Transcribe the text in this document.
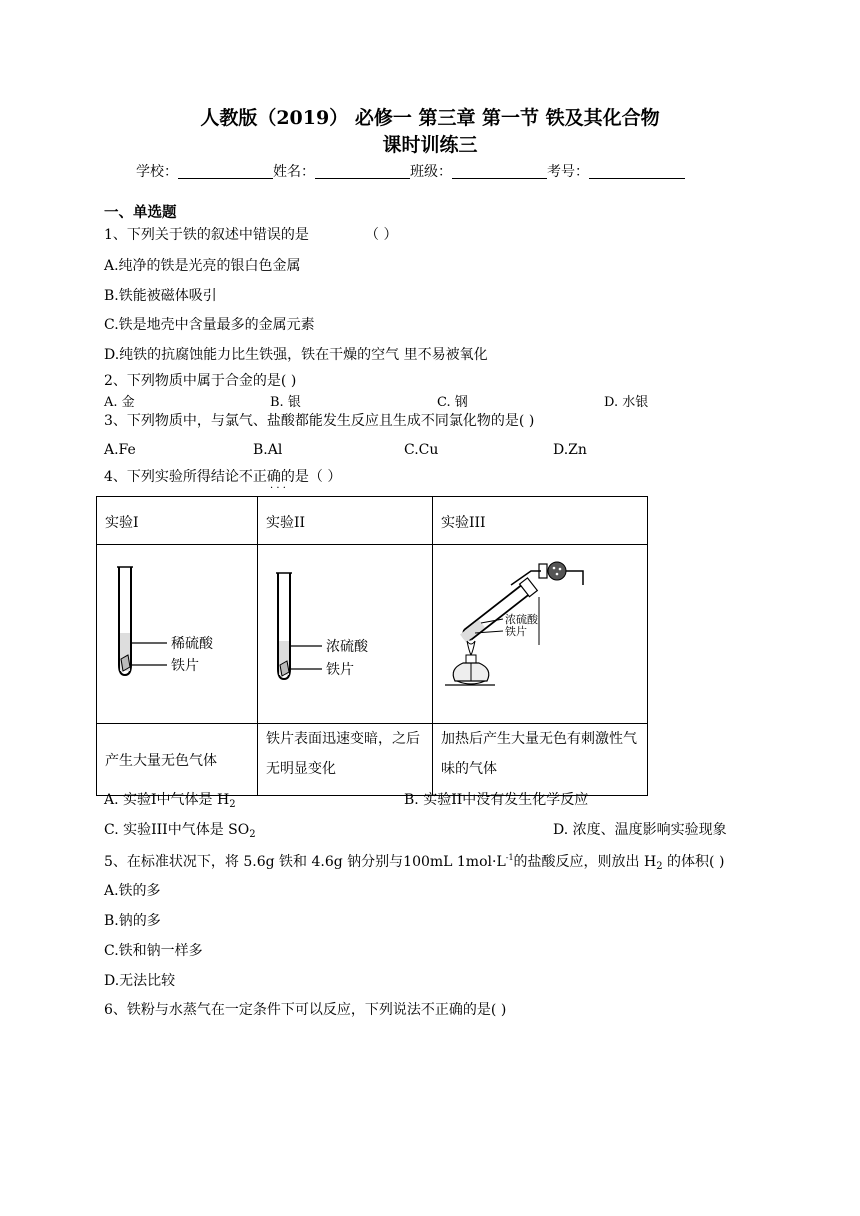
人教版（2019） 必修一 第三章 第一节 铁及其化合物
课时训练三
学校：	姓名：	班级：	考号：
一、单选题
1、下列关于铁的叙述中错误的是	（ ）
A.纯净的铁是光亮的银白色金属
B.铁能被磁体吸引
C.铁是地壳中含量最多的金属元素
D.纯铁的抗腐蚀能力比生铁强，铁在干燥的空气 里不易被氧化
2、下列物质中属于合金的是( )
A. 金	B. 银	C. 钢	D. 水银
3、下列物质中，与氯气、盐酸都能发生反应且生成不同氯化物的是( )
A.Fe	B.Al	C.Cu	D.Zn
4、下列实验所得结论不正确的是（ ）
· · ·
实验I	实验II	实验III

稀硫酸
铁片	浓硫酸
铁片	浓硫酸
铁片

产生大量无色气体	铁片表面迅速变暗，之后无明显变化	加热后产生大量无色有刺激性气味的气体
A. 实验I中气体是 $H_2$	B. 实验II中没有发生化学反应
C. 实验III中气体是 $SO_2$	D. 浓度、温度影响实验现象
5、在标准状况下，将 5.6g 铁和 4.6g 钠分别与100mL $1mol\cdot L^{-1}$的盐酸反应，则放出 $H_2$ 的体积( )
A.铁的多
B.钠的多
C.铁和钠一样多
D.无法比较
6、铁粉与水蒸气在一定条件下可以反应，下列说法不正确的是( )
